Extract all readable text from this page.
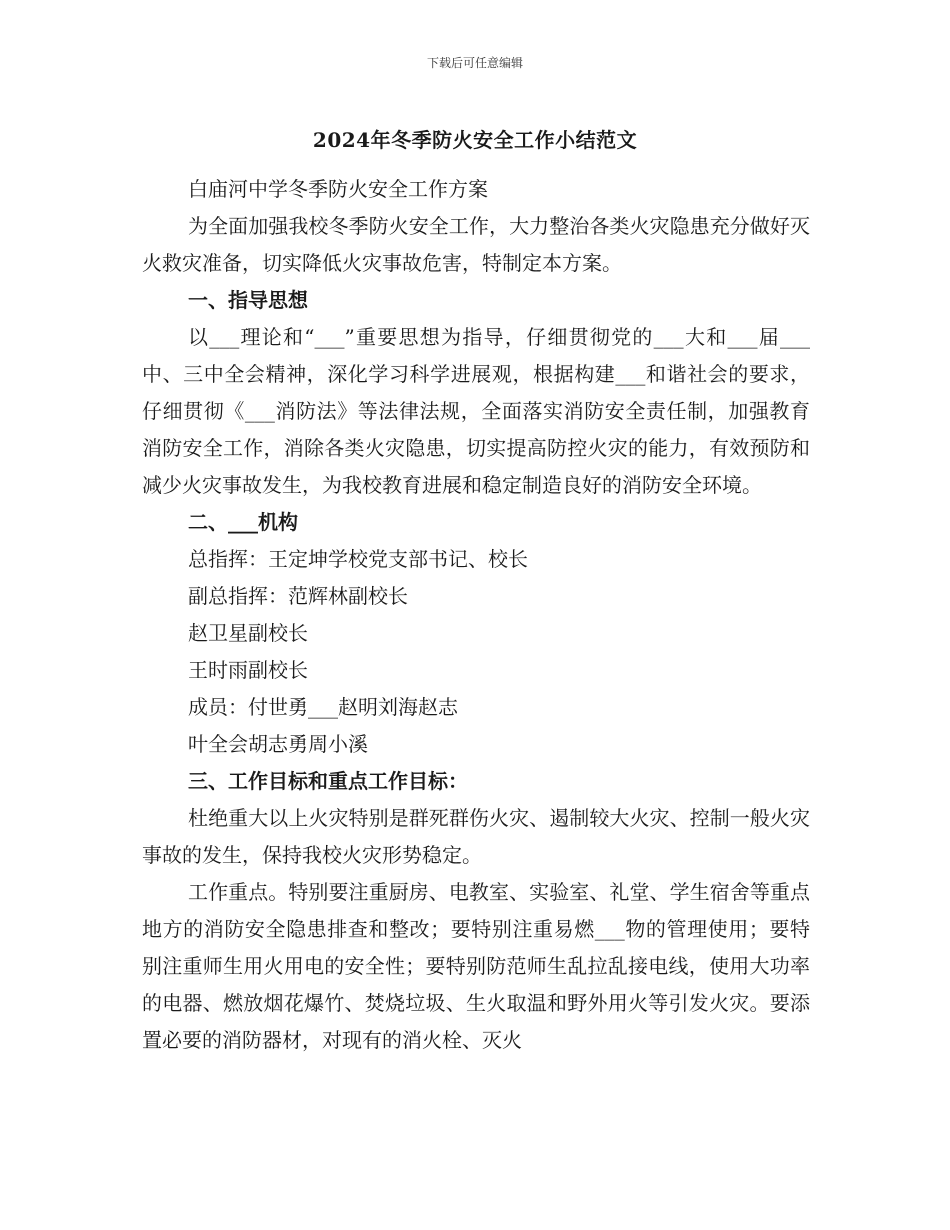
下载后可任意编辑
2024年冬季防火安全工作小结范文

白庙河中学冬季防火安全工作方案

为全面加强我校冬季防火安全工作，大力整治各类火灾隐患充分做好灭火救灾准备，切实降低火灾事故危害，特制定本方案。

一、指导思想

以___理论和“___”重要思想为指导，仔细贯彻党的___大和___届___中、三中全会精神，深化学习科学进展观，根据构建___和谐社会的要求，仔细贯彻《___消防法》等法律法规，全面落实消防安全责任制，加强教育消防安全工作，消除各类火灾隐患，切实提高防控火灾的能力，有效预防和减少火灾事故发生，为我校教育进展和稳定制造良好的消防安全环境。

二、___机构

总指挥：王定坤学校党支部书记、校长

副总指挥：范辉林副校长

赵卫星副校长

王时雨副校长

成员：付世勇___赵明刘海赵志

叶全会胡志勇周小溪

三、工作目标和重点工作目标：

杜绝重大以上火灾特别是群死群伤火灾、遏制较大火灾、控制一般火灾事故的发生，保持我校火灾形势稳定。

工作重点。特别要注重厨房、电教室、实验室、礼堂、学生宿舍等重点地方的消防安全隐患排查和整改；要特别注重易燃___物的管理使用；要特别注重师生用火用电的安全性；要特别防范师生乱拉乱接电线，使用大功率的电器、燃放烟花爆竹、焚烧垃圾、生火取温和野外用火等引发火灾。要添置必要的消防器材，对现有的消火栓、灭火
